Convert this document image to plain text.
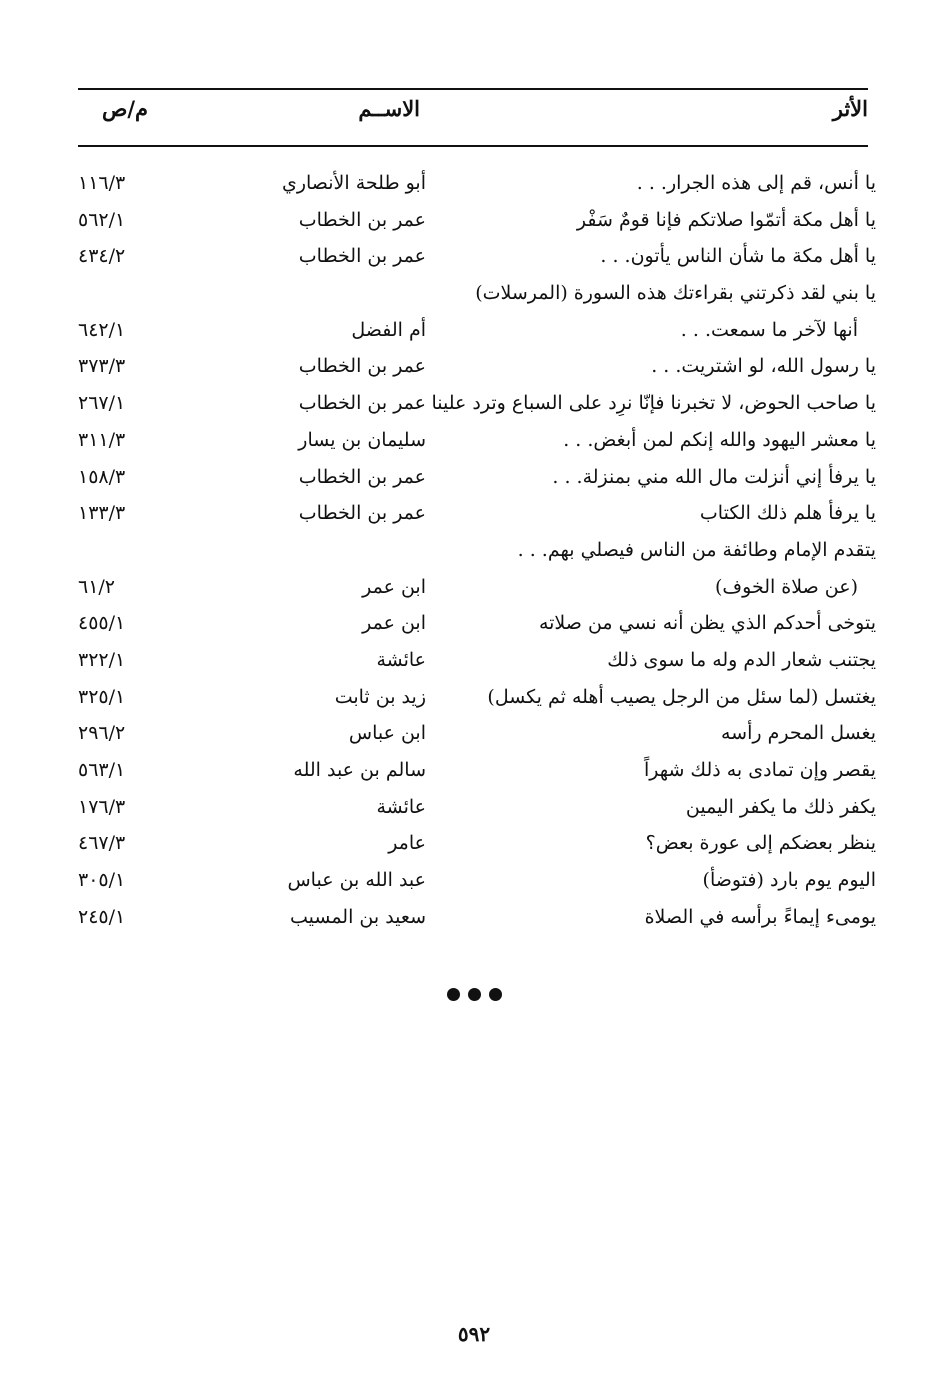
الأثر
الاســم
م/ص
يا أنس، قم إلى هذه الجرار. . .
أبو طلحة الأنصاري
١١٦/٣
يا أهل مكة أتمّوا صلاتكم فإنا قومٌ سَفْر
عمر بن الخطاب
٥٦٢/١
يا أهل مكة ما شأن الناس يأتون. . .
عمر بن الخطاب
٤٣٤/٢
يا بني لقد ذكرتني بقراءتك هذه السورة (المرسلات)
أنها لآخر ما سمعت. . .
أم الفضل
٦٤٢/١
يا رسول الله، لو اشتريت. . .
عمر بن الخطاب
٣٧٣/٣
يا صاحب الحوض، لا تخبرنا فإنّا نرِد على السباع وترد علينا
عمر بن الخطاب
٢٦٧/١
يا معشر اليهود والله إنكم لمن أبغض. . .
سليمان بن يسار
٣١١/٣
يا يرفأ إني أنزلت مال الله مني بمنزلة. . .
عمر بن الخطاب
١٥٨/٣
يا يرفأ هلم ذلك الكتاب
عمر بن الخطاب
١٣٣/٣
يتقدم الإمام وطائفة من الناس فيصلي بهم. . .
(عن صلاة الخوف)
ابن عمر
٦١/٢
يتوخى أحدكم الذي يظن أنه نسي من صلاته
ابن عمر
٤٥٥/١
يجتنب شعار الدم وله ما سوى ذلك
عائشة
٣٢٢/١
يغتسل (لما سئل من الرجل يصيب أهله ثم يكسل)
زيد بن ثابت
٣٢٥/١
يغسل المحرم رأسه
ابن عباس
٢٩٦/٢
يقصر وإن تمادى به ذلك شهراً
سالم بن عبد الله
٥٦٣/١
يكفر ذلك ما يكفر اليمين
عائشة
١٧٦/٣
ينظر بعضكم إلى عورة بعض؟
عامر
٤٦٧/٣
اليوم يوم بارد (فتوضأ)
عبد الله بن عباس
٣٠٥/١
يومىء إيماءً برأسه في الصلاة
سعيد بن المسيب
٢٤٥/١
٥٩٢
